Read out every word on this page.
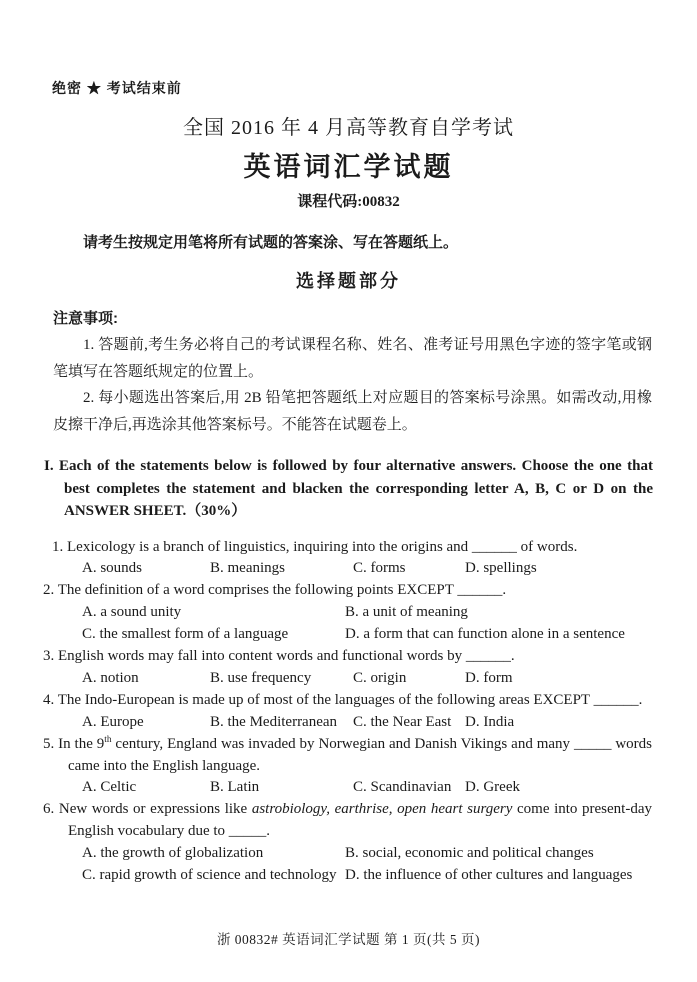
绝密 ★ 考试结束前
全国 2016 年 4 月高等教育自学考试
英语词汇学试题
课程代码:00832
请考生按规定用笔将所有试题的答案涂、写在答题纸上。
选择题部分
注意事项:

1. 答题前,考生务必将自己的考试课程名称、姓名、准考证号用黑色字迹的签字笔或钢笔填写在答题纸规定的位置上。

2. 每小题选出答案后,用 2B 铅笔把答题纸上对应题目的答案标号涂黑。如需改动,用橡皮擦干净后,再选涂其他答案标号。不能答在试题卷上。

I. Each of the statements below is followed by four alternative answers. Choose the one that best completes the statement and blacken the corresponding letter A, B, C or D on the ANSWER SHEET.（30%）
1. Lexicology is a branch of linguistics, inquiring into the origins and ______ of words.
A. sounds	B. meanings	C. forms	D. spellings
2. The definition of a word comprises the following points EXCEPT ______.
A. a sound unity	B. a unit of meaning
C. the smallest form of a language	D. a form that can function alone in a sentence
3. English words may fall into content words and functional words by ______.
A. notion	B. use frequency	C. origin	D. form
4. The Indo-European is made up of most of the languages of the following areas EXCEPT ______.
A. Europe	B. the Mediterranean	C. the Near East D. India
5. In the 9th century, England was invaded by Norwegian and Danish Vikings and many _____ words came into the English language.
A. Celtic	B. Latin	C. Scandinavian D. Greek
6. New words or expressions like astrobiology, earthrise, open heart surgery come into present-day English vocabulary due to _____.
A. the growth of globalization	B. social, economic and political changes
C. rapid growth of science and technology D. the influence of other cultures and languages
浙 00832# 英语词汇学试题 第 1 页(共 5 页)
